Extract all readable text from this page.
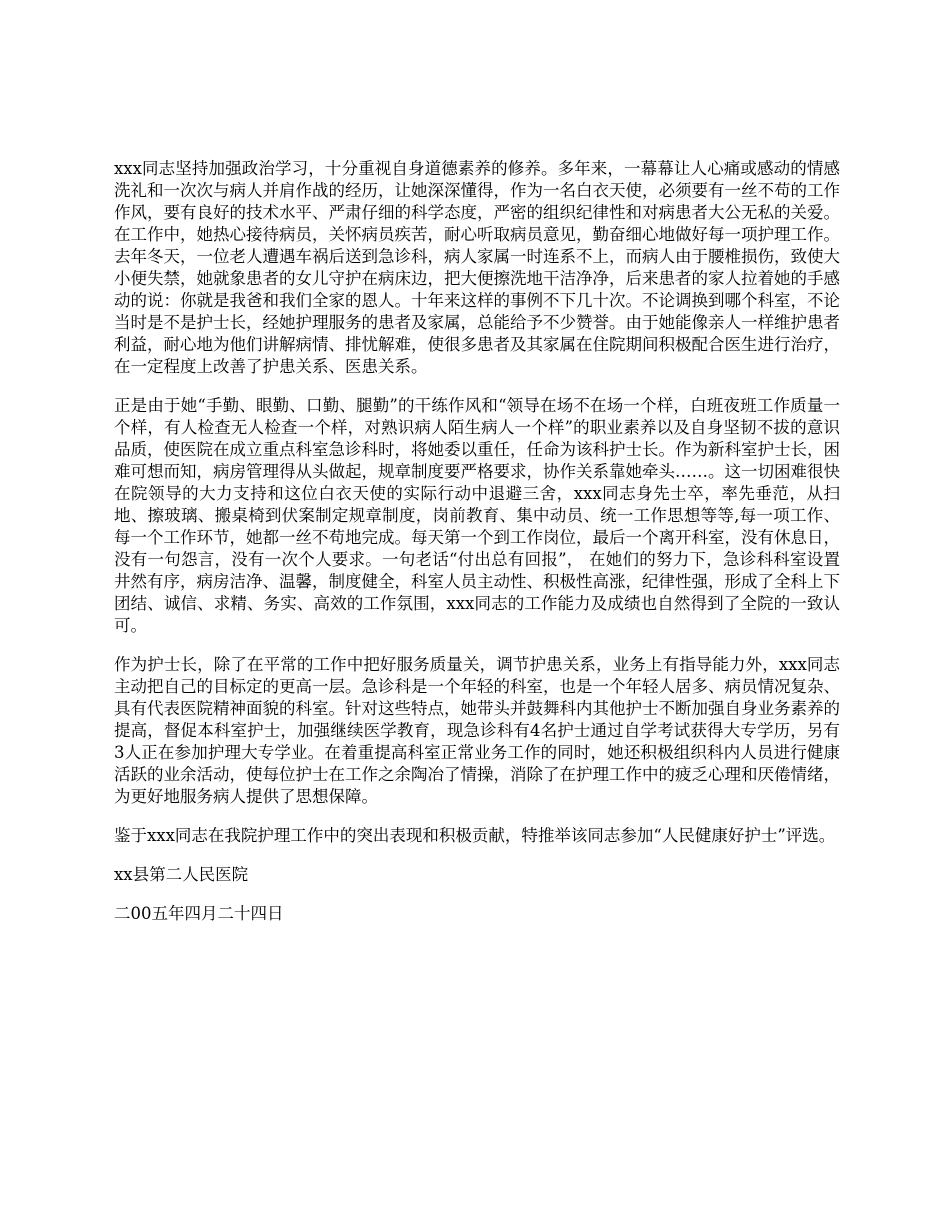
xxx同志坚持加强政治学习，十分重视自身道德素养的修养。多年来，一幕幕让人心痛或感动的情感洗礼和一次次与病人并肩作战的经历，让她深深懂得，作为一名白衣天使，必须要有一丝不苟的工作作风，要有良好的技术水平、严肃仔细的科学态度，严密的组织纪律性和对病患者大公无私的关爱。在工作中，她热心接待病员，关怀病员疾苦，耐心听取病员意见，勤奋细心地做好每一项护理工作。去年冬天，一位老人遭遇车祸后送到急诊科，病人家属一时连系不上，而病人由于腰椎损伤，致使大小便失禁，她就象患者的女儿守护在病床边，把大便擦洗地干洁净净，后来患者的家人拉着她的手感动的说：你就是我爸和我们全家的恩人。十年来这样的事例不下几十次。不论调换到哪个科室，不论当时是不是护士长，经她护理服务的患者及家属，总能给予不少赞誉。由于她能像亲人一样维护患者利益，耐心地为他们讲解病情、排忧解难，使很多患者及其家属在住院期间积极配合医生进行治疗，在一定程度上改善了护患关系、医患关系。

正是由于她“手勤、眼勤、口勤、腿勤”的干练作风和“领导在场不在场一个样，白班夜班工作质量一个样，有人检查无人检查一个样，对熟识病人陌生病人一个样”的职业素养以及自身坚韧不拔的意识品质，使医院在成立重点科室急诊科时，将她委以重任，任命为该科护士长。作为新科室护士长，困难可想而知，病房管理得从头做起，规章制度要严格要求，协作关系靠她牵头……。这一切困难很快在院领导的大力支持和这位白衣天使的实际行动中退避三舍，xxx同志身先士卒，率先垂范，从扫地、擦玻璃、搬桌椅到伏案制定规章制度，岗前教育、集中动员、统一工作思想等等,每一项工作、每一个工作环节，她都一丝不苟地完成。每天第一个到工作岗位，最后一个离开科室，没有休息日，没有一句怨言，没有一次个人要求。一句老话“付出总有回报”， 在她们的努力下，急诊科科室设置井然有序，病房洁净、温馨，制度健全，科室人员主动性、积极性高涨，纪律性强，形成了全科上下团结、诚信、求精、务实、高效的工作氛围，xxx同志的工作能力及成绩也自然得到了全院的一致认可。

作为护士长，除了在平常的工作中把好服务质量关，调节护患关系，业务上有指导能力外，xxx同志主动把自己的目标定的更高一层。急诊科是一个年轻的科室，也是一个年轻人居多、病员情况复杂、具有代表医院精神面貌的科室。针对这些特点，她带头并鼓舞科内其他护士不断加强自身业务素养的提高，督促本科室护士，加强继续医学教育，现急诊科有4名护士通过自学考试获得大专学历，另有3人正在参加护理大专学业。在着重提高科室正常业务工作的同时，她还积极组织科内人员进行健康活跃的业余活动，使每位护士在工作之余陶冶了情操，消除了在护理工作中的疲乏心理和厌倦情绪，为更好地服务病人提供了思想保障。

鉴于xxx同志在我院护理工作中的突出表现和积极贡献，特推举该同志参加“人民健康好护士”评选。

xx县第二人民医院

二00五年四月二十四日
